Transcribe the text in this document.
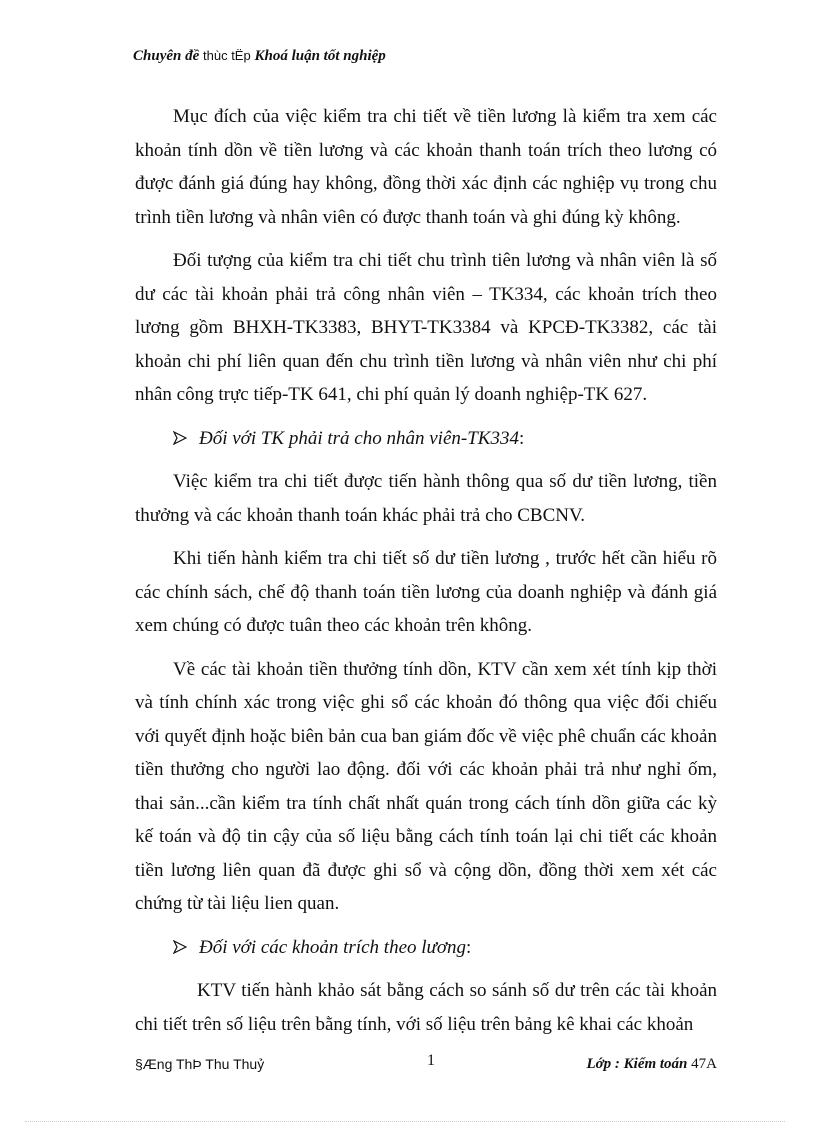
Chuyên đề thùc tËp Khoá luận tốt nghiệp

Mục đích của việc kiểm tra chi tiết về tiền lương là kiểm tra xem các khoản tính dồn về tiền lương và các khoản thanh toán trích theo lương có được đánh giá đúng hay không, đồng thời xác định các nghiệp vụ trong chu trình tiền lương và nhân viên có được thanh toán và ghi đúng kỳ không.

Đối tượng của kiểm tra chi tiết chu trình tiên lương và nhân viên là số dư các tài khoản phải trả công nhân viên – TK334, các khoản trích theo lương gồm BHXH-TK3383, BHYT-TK3384 và KPCĐ-TK3382, các tài khoản chi phí liên quan đến chu trình tiền lương và nhân viên như chi phí nhân công trực tiếp-TK 641, chi phí quản lý doanh nghiệp-TK 627.

Đối với TK phải trả cho nhân viên-TK334 :

Việc kiểm tra chi tiết được tiến hành thông qua số dư tiền lương, tiền thưởng và các khoản thanh toán khác phải trả cho CBCNV.

Khi tiến hành kiểm tra chi tiết số dư tiền lương , trước hết cần hiểu rõ các chính sách, chế độ thanh toán tiền lương của doanh nghiệp và đánh giá xem chúng có được tuân theo các khoản trên không.

Về các tài khoản tiền thưởng tính dồn, KTV cần xem xét tính kịp thời và tính chính xác trong việc ghi sổ các khoản đó thông qua việc đối chiếu với quyết định hoặc biên bản cua ban giám đốc về việc phê chuẩn các khoản tiền thưởng cho người lao động. đối với các khoản phải trả như nghỉ ốm, thai sản...cần kiểm tra tính chất nhất quán trong cách tính dồn giữa các kỳ kế toán và độ tin cậy của số liệu bằng cách tính toán lại chi tiết các khoản tiền lương liên quan đã được ghi sổ và cộng dồn, đồng thời xem xét các chứng từ tài liệu lien quan.

Đối với các khoản trích theo lương :

KTV tiến hành khảo sát bằng cách so sánh số dư trên các tài khoản chi tiết trên số liệu trên bằng tính, với số liệu trên bảng kê khai các khoản

§Æng ThÞ Thu Thuỷ	1	Lớp : Kiểm toán 47A
